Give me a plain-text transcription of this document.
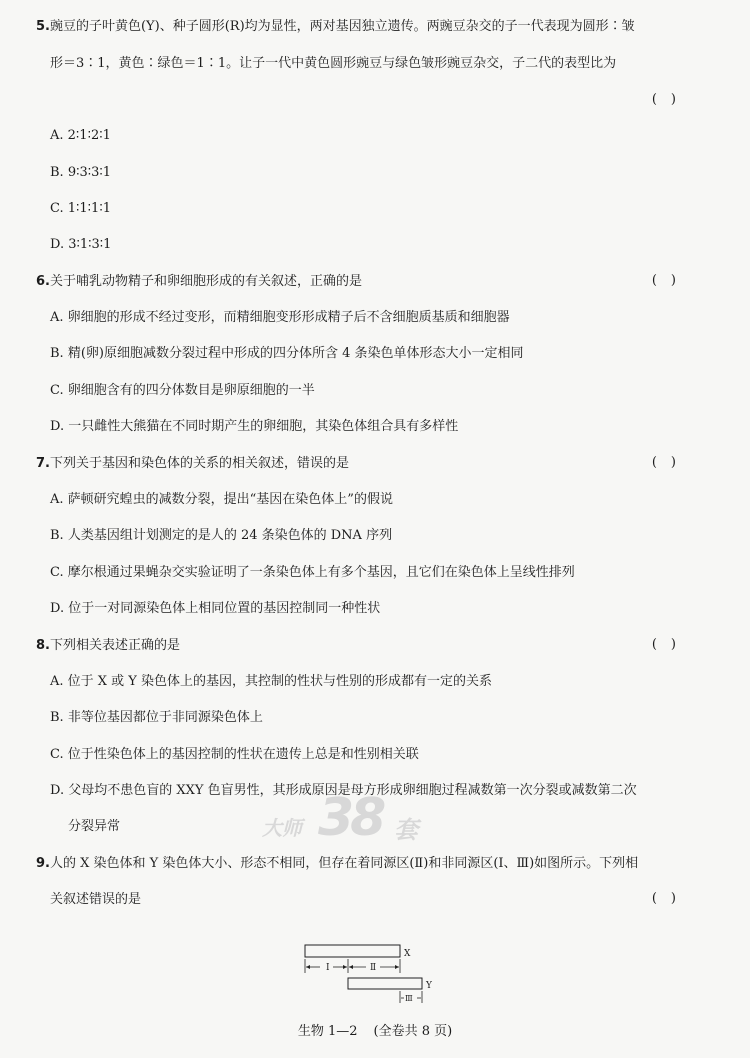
5.豌豆的子叶黄色(Y)、种子圆形(R)均为显性，两对基因独立遗传。两豌豆杂交的子一代表现为圆形∶皱
形＝3∶1，黄色∶绿色＝1∶1。让子一代中黄色圆形豌豆与绿色皱形豌豆杂交，子二代的表型比为
()
A. 2∶1∶2∶1
B. 9∶3∶3∶1
C. 1∶1∶1∶1
D. 3∶1∶3∶1
6.关于哺乳动物精子和卵细胞形成的有关叙述，正确的是	()
A. 卵细胞的形成不经过变形，而精细胞变形形成精子后不含细胞质基质和细胞器
B. 精(卵)原细胞减数分裂过程中形成的四分体所含 4 条染色单体形态大小一定相同
C. 卵细胞含有的四分体数目是卵原细胞的一半
D. 一只雌性大熊猫在不同时期产生的卵细胞，其染色体组合具有多样性
7.下列关于基因和染色体的关系的相关叙述，错误的是	()
A. 萨顿研究蝗虫的减数分裂，提出“基因在染色体上”的假说
B. 人类基因组计划测定的是人的 24 条染色体的 DNA 序列
C. 摩尔根通过果蝇杂交实验证明了一条染色体上有多个基因，且它们在染色体上呈线性排列
D. 位于一对同源染色体上相同位置的基因控制同一种性状
8.下列相关表述正确的是	()
A. 位于 X 或 Y 染色体上的基因，其控制的性状与性别的形成都有一定的关系
B. 非等位基因都位于非同源染色体上
C. 位于性染色体上的基因控制的性状在遗传上总是和性别相关联
D. 父母均不患色盲的 XXY 色盲男性，其形成原因是母方形成卵细胞过程减数第一次分裂或减数第二次
分裂异常	大师 38 套
9.人的 X 染色体和 Y 染色体大小、形态不相同，但存在着同源区(Ⅱ)和非同源区(Ⅰ、Ⅲ)如图所示。下列相
关叙述错误的是	()
X
Ⅰ	Ⅱ
Y
Ⅲ
生物 1—2 (全卷共 8 页)
